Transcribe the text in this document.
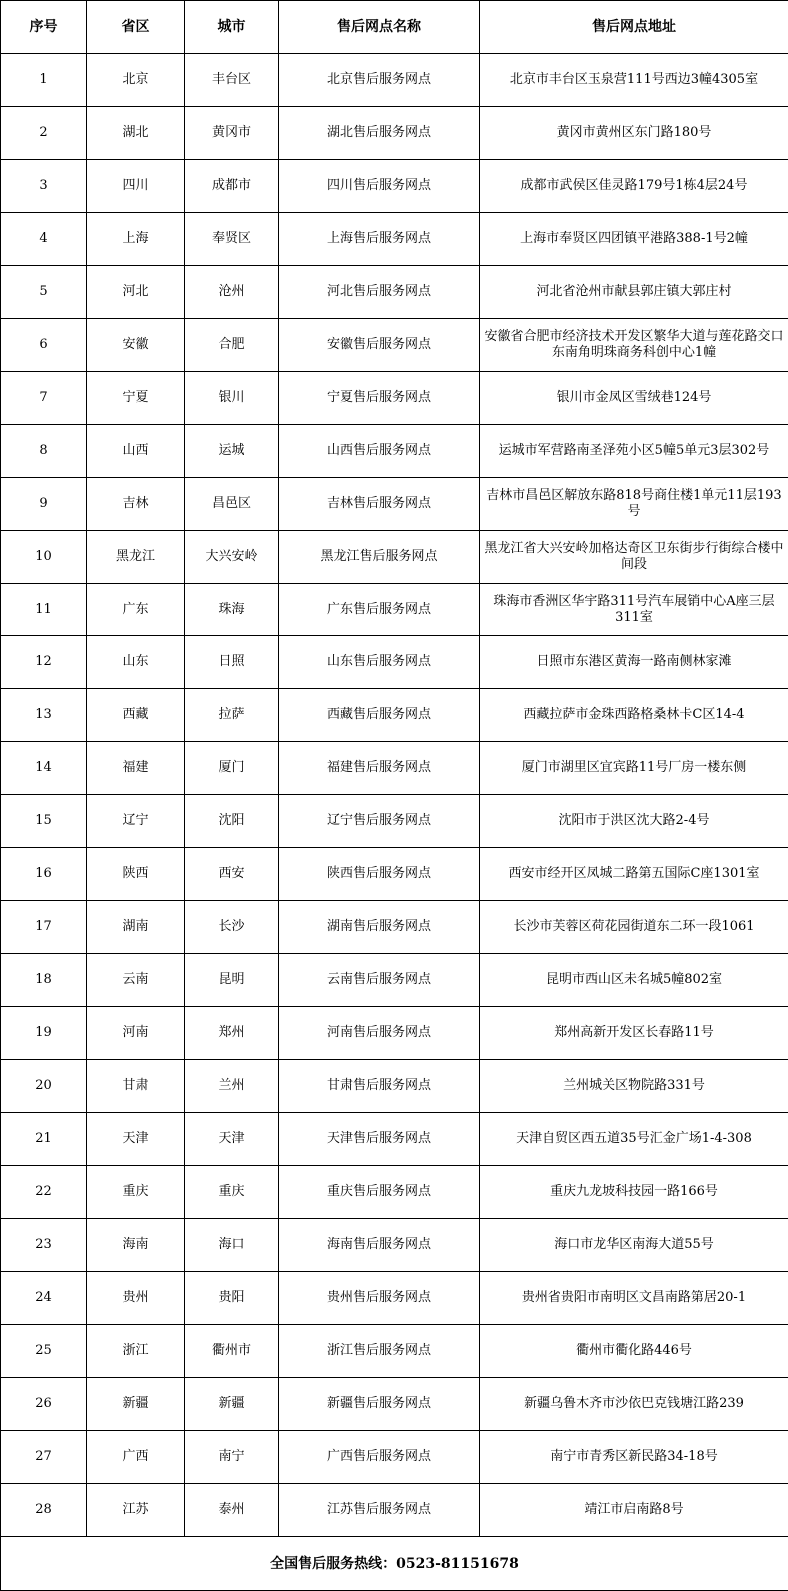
序号	省区	城市	售后网点名称	售后网点地址
1	北京	丰台区	北京售后服务网点	北京市丰台区玉泉营111号西边3幢4305室
2	湖北	黄冈市	湖北售后服务网点	黄冈市黄州区东门路180号
3	四川	成都市	四川售后服务网点	成都市武侯区佳灵路179号1栋4层24号
4	上海	奉贤区	上海售后服务网点	上海市奉贤区四团镇平港路388-1号2幢
5	河北	沧州	河北售后服务网点	河北省沧州市献县郭庄镇大郭庄村
6	安徽	合肥	安徽售后服务网点	安徽省合肥市经济技术开发区繁华大道与莲花路交口东南角明珠商务科创中心1幢
7	宁夏	银川	宁夏售后服务网点	银川市金凤区雪绒巷124号
8	山西	运城	山西售后服务网点	运城市军营路南圣泽苑小区5幢5单元3层302号
9	吉林	昌邑区	吉林售后服务网点	吉林市昌邑区解放东路818号商住楼1单元11层193号
10	黑龙江	大兴安岭	黑龙江售后服务网点	黑龙江省大兴安岭加格达奇区卫东街步行街综合楼中间段
11	广东	珠海	广东售后服务网点	珠海市香洲区华宇路311号汽车展销中心A座三层311室
12	山东	日照	山东售后服务网点	日照市东港区黄海一路南侧林家滩
13	西藏	拉萨	西藏售后服务网点	西藏拉萨市金珠西路格桑林卡C区14-4
14	福建	厦门	福建售后服务网点	厦门市湖里区宜宾路11号厂房一楼东侧
15	辽宁	沈阳	辽宁售后服务网点	沈阳市于洪区沈大路2-4号
16	陕西	西安	陕西售后服务网点	西安市经开区凤城二路第五国际C座1301室
17	湖南	长沙	湖南售后服务网点	长沙市芙蓉区荷花园街道东二环一段1061
18	云南	昆明	云南售后服务网点	昆明市西山区未名城5幢802室
19	河南	郑州	河南售后服务网点	郑州高新开发区长春路11号
20	甘肃	兰州	甘肃售后服务网点	兰州城关区物院路331号
21	天津	天津	天津售后服务网点	天津自贸区西五道35号汇金广场1-4-308
22	重庆	重庆	重庆售后服务网点	重庆九龙坡科技园一路166号
23	海南	海口	海南售后服务网点	海口市龙华区南海大道55号
24	贵州	贵阳	贵州售后服务网点	贵州省贵阳市南明区文昌南路第居20-1
25	浙江	衢州市	浙江售后服务网点	衢州市衢化路446号
26	新疆	新疆	新疆售后服务网点	新疆乌鲁木齐市沙依巴克钱塘江路239
27	广西	南宁	广西售后服务网点	南宁市青秀区新民路34-18号
28	江苏	泰州	江苏售后服务网点	靖江市启南路8号
全国售后服务热线：0523-81151678				
